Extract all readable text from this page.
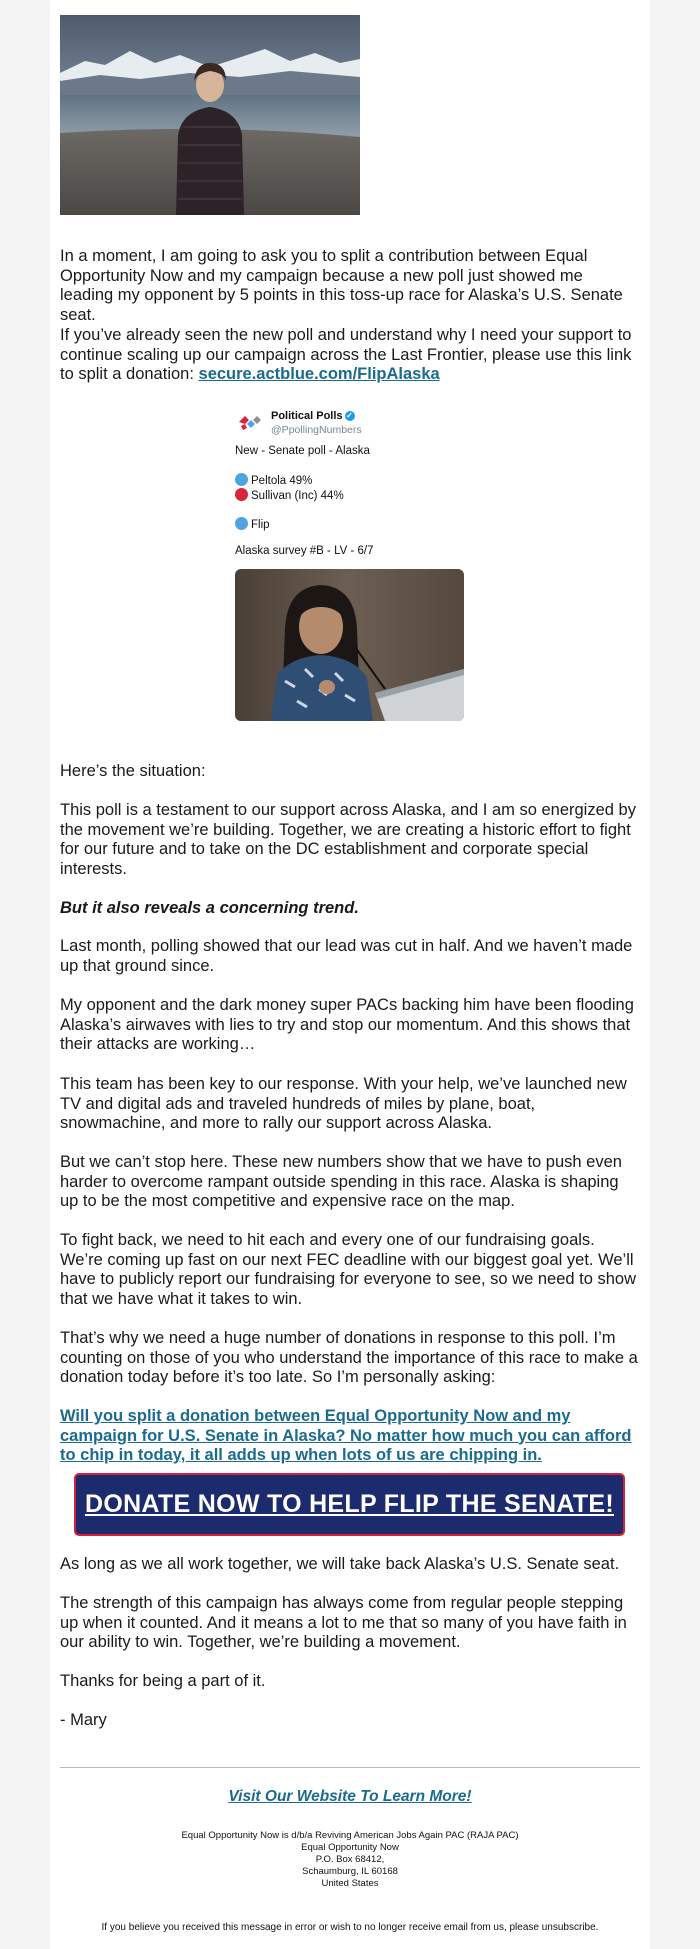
In a moment, I am going to ask you to split a contribution between Equal Opportunity Now and my campaign because a new poll just showed me leading my opponent by 5 points in this toss-up race for Alaska’s U.S. Senate seat.

If you’ve already seen the new poll and understand why I need your support to continue scaling up our campaign across the Last Frontier, please use this link to split a donation: secure.actblue.com/FlipAlaska

Political Polls ✓
@PpollingNumbers
New - Senate poll - Alaska
Peltola 49%
Sullivan (Inc) 44%
Flip
Alaska survey #B - LV - 6/7

Here’s the situation:

This poll is a testament to our support across Alaska, and I am so energized by the movement we’re building. Together, we are creating a historic effort to fight for our future and to take on the DC establishment and corporate special interests.

But it also reveals a concerning trend.

Last month, polling showed that our lead was cut in half. And we haven’t made up that ground since.

My opponent and the dark money super PACs backing him have been flooding Alaska’s airwaves with lies to try and stop our momentum. And this shows that their attacks are working…

This team has been key to our response. With your help, we’ve launched new TV and digital ads and traveled hundreds of miles by plane, boat, snowmachine, and more to rally our support across Alaska.

But we can’t stop here. These new numbers show that we have to push even harder to overcome rampant outside spending in this race. Alaska is shaping up to be the most competitive and expensive race on the map.

To fight back, we need to hit each and every one of our fundraising goals. We’re coming up fast on our next FEC deadline with our biggest goal yet. We’ll have to publicly report our fundraising for everyone to see, so we need to show that we have what it takes to win.

That’s why we need a huge number of donations in response to this poll. I’m counting on those of you who understand the importance of this race to make a donation today before it’s too late. So I’m personally asking:

Will you split a donation between Equal Opportunity Now and my campaign for U.S. Senate in Alaska? No matter how much you can afford to chip in today, it all adds up when lots of us are chipping in.

DONATE NOW TO HELP FLIP THE SENATE!

As long as we all work together, we will take back Alaska’s U.S. Senate seat.

The strength of this campaign has always come from regular people stepping up when it counted. And it means a lot to me that so many of you have faith in our ability to win. Together, we’re building a movement.

Thanks for being a part of it.

- Mary

Visit Our Website To Learn More!
Equal Opportunity Now is d/b/a Reviving American Jobs Again PAC (RAJA PAC)
Equal Opportunity Now
P.O. Box 68412,
Schaumburg, IL 60168
United States
If you believe you received this message in error or wish to no longer receive email from us, please unsubscribe.
